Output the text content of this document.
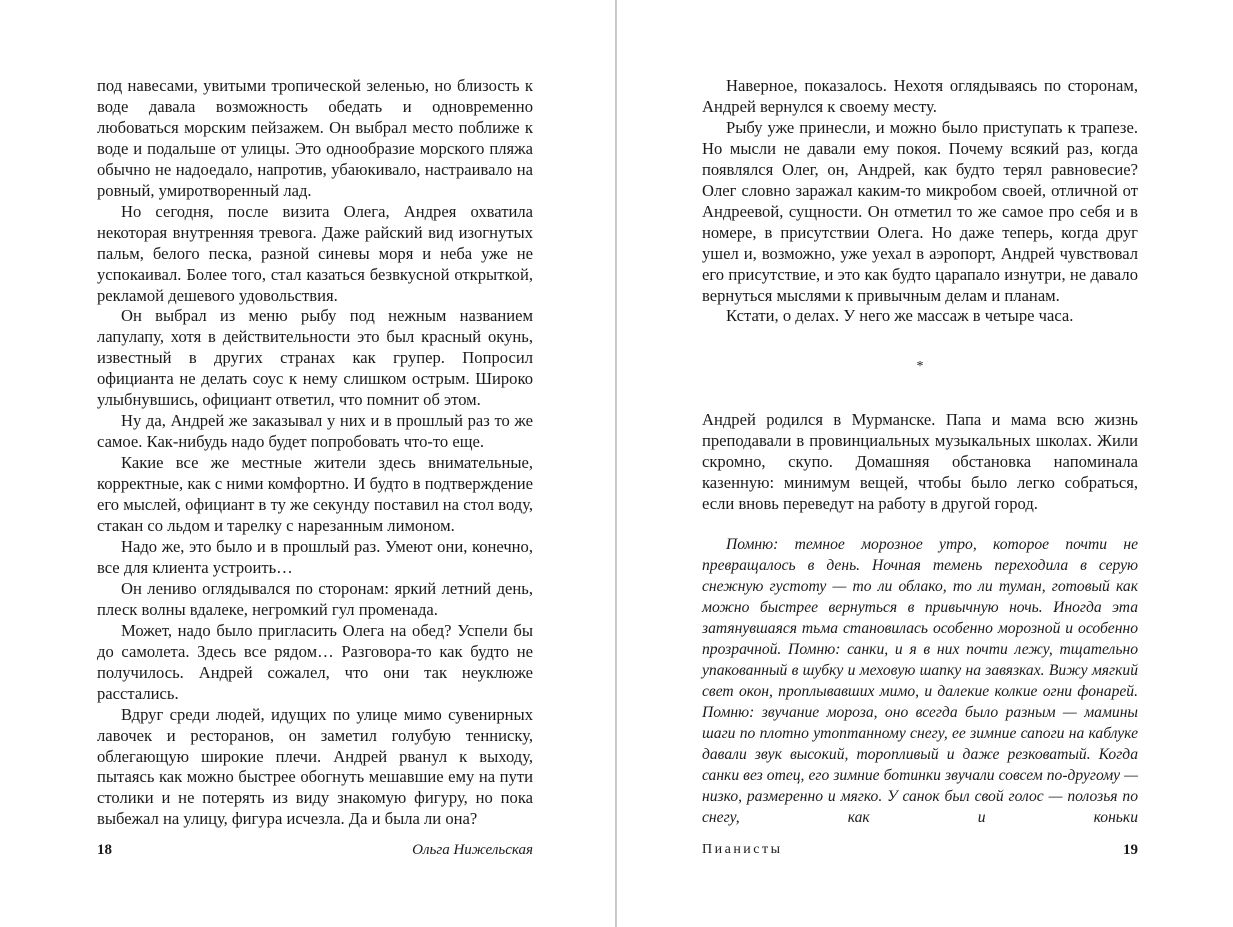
под навесами, увитыми тропической зеленью, но близость к воде давала возможность обедать и одновременно любоваться морским пейзажем. Он выбрал место поближе к воде и подальше от улицы. Это однообразие морского пляжа обычно не надоедало, напротив, убаюкивало, настраивало на ровный, умиротворенный лад.

Но сегодня, после визита Олега, Андрея охватила некоторая внутренняя тревога. Даже райский вид изогнутых пальм, белого песка, разной синевы моря и неба уже не успокаивал. Более того, стал казаться безвкусной открыткой, рекламой дешевого удовольствия.

Он выбрал из меню рыбу под нежным названием лапулапу, хотя в действительности это был красный окунь, известный в других странах как групер. Попросил официанта не делать соус к нему слишком острым. Широко улыбнувшись, официант ответил, что помнит об этом.

Ну да, Андрей же заказывал у них и в прошлый раз то же самое. Как-нибудь надо будет попробовать что-то еще.

Какие все же местные жители здесь внимательные, корректные, как с ними комфортно. И будто в подтверждение его мыслей, официант в ту же секунду поставил на стол воду, стакан со льдом и тарелку с нарезанным лимоном.

Надо же, это было и в прошлый раз. Умеют они, конечно, все для клиента устроить…

Он лениво оглядывался по сторонам: яркий летний день, плеск волны вдалеке, негромкий гул променада.

Может, надо было пригласить Олега на обед? Успели бы до самолета. Здесь все рядом… Разговора-то как будто не получилось. Андрей сожалел, что они так неуклюже расстались.

Вдруг среди людей, идущих по улице мимо сувенирных лавочек и ресторанов, он заметил голубую тенниску, облегающую широкие плечи. Андрей рванул к выходу, пытаясь как можно быстрее обогнуть мешавшие ему на пути столики и не потерять из виду знакомую фигуру, но пока выбежал на улицу, фигура исчезла. Да и была ли она?

18	Ольга Нижельская

Наверное, показалось. Нехотя оглядываясь по сторонам, Андрей вернулся к своему месту.

Рыбу уже принесли, и можно было приступать к трапезе. Но мысли не давали ему покоя. Почему всякий раз, когда появлялся Олег, он, Андрей, как будто терял равновесие? Олег словно заражал каким-то микробом своей, отличной от Андреевой, сущности. Он отметил то же самое про себя и в номере, в присутствии Олега. Но даже теперь, когда друг ушел и, возможно, уже уехал в аэропорт, Андрей чувствовал его присутствие, и это как будто царапало изнутри, не давало вернуться мыслями к привычным делам и планам.

Кстати, о делах. У него же массаж в четыре часа.

*

Андрей родился в Мурманске. Папа и мама всю жизнь преподавали в провинциальных музыкальных школах. Жили скромно, скупо. Домашняя обстановка напоминала казенную: минимум вещей, чтобы было легко собраться, если вновь переведут на работу в другой город.

Помню: темное морозное утро, которое почти не превращалось в день. Ночная темень переходила в серую снежную густоту — то ли облако, то ли туман, готовый как можно быстрее вернуться в привычную ночь. Иногда эта затянувшаяся тьма становилась особенно морозной и особенно прозрачной. Помню: санки, и я в них почти лежу, тщательно упакованный в шубку и меховую шапку на завязках. Вижу мягкий свет окон, проплывавших мимо, и далекие колкие огни фонарей. Помню: звучание мороза, оно всегда было разным — мамины шаги по плотно утоптанному снегу, ее зимние сапоги на каблуке давали звук высокий, торопливый и даже резковатый. Когда санки вез отец, его зимние ботинки звучали совсем по-другому — низко, размеренно и мягко. У санок был свой голос — полозья по снегу, как и коньки

Пианисты	19
